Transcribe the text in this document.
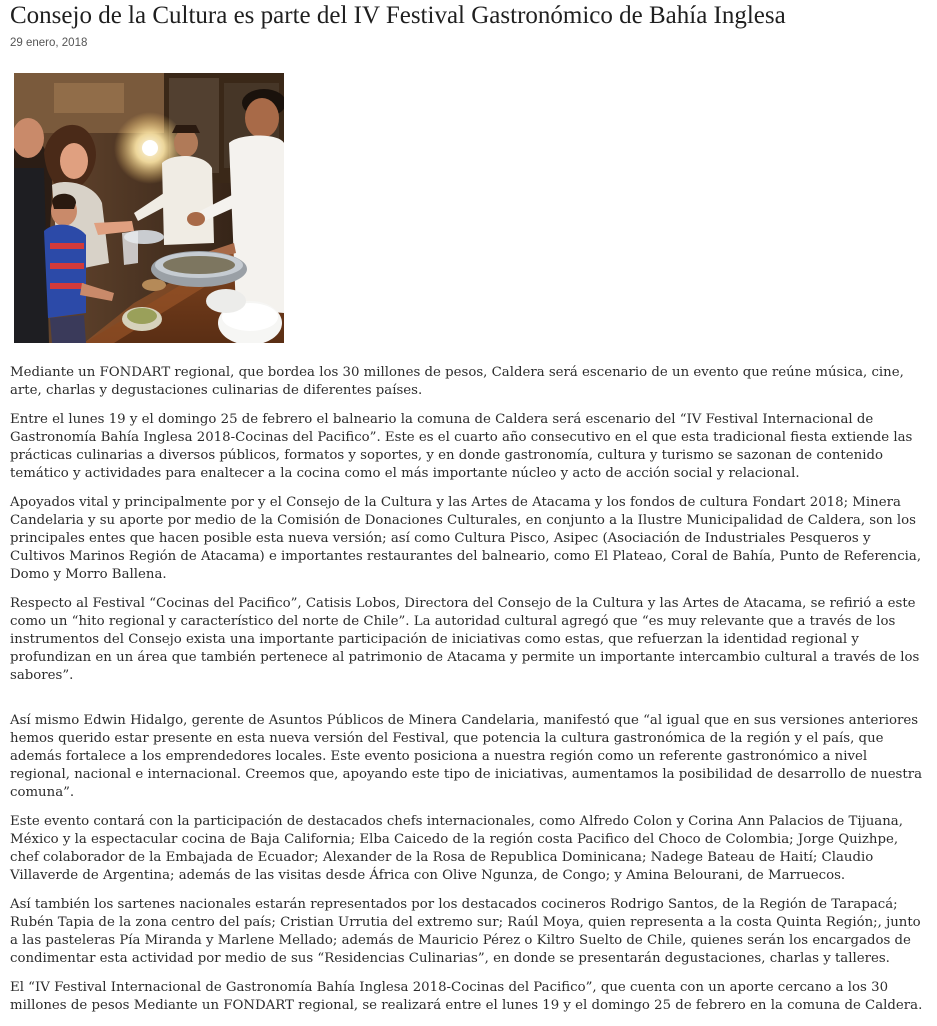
Consejo de la Cultura es parte del IV Festival Gastronómico de Bahía Inglesa
29 enero, 2018

Mediante un FONDART regional, que bordea los 30 millones de pesos, Caldera será escenario de un evento que reúne música, cine, arte, charlas y degustaciones culinarias de diferentes países.

Entre el lunes 19 y el domingo 25 de febrero el balneario la comuna de Caldera será escenario del “IV Festival Internacional de Gastronomía Bahía Inglesa 2018-Cocinas del Pacifico”. Este es el cuarto año consecutivo en el que esta tradicional fiesta extiende las prácticas culinarias a diversos públicos, formatos y soportes, y en donde gastronomía, cultura y turismo se sazonan de contenido temático y actividades para enaltecer a la cocina como el más importante núcleo y acto de acción social y relacional.

Apoyados vital y principalmente por y el Consejo de la Cultura y las Artes de Atacama y los fondos de cultura Fondart 2018; Minera Candelaria y su aporte por medio de la Comisión de Donaciones Culturales, en conjunto a la Ilustre Municipalidad de Caldera, son los principales entes que hacen posible esta nueva versión; así como Cultura Pisco, Asipec (Asociación de Industriales Pesqueros y Cultivos Marinos Región de Atacama) e importantes restaurantes del balneario, como El Plateao, Coral de Bahía, Punto de Referencia, Domo y Morro Ballena.

Respecto al Festival “Cocinas del Pacifico”, Catisis Lobos, Directora del Consejo de la Cultura y las Artes de Atacama, se refirió a este como un “hito regional y característico del norte de Chile”. La autoridad cultural agregó que “es muy relevante que a través de los instrumentos del Consejo exista una importante participación de iniciativas como estas, que refuerzan la identidad regional y profundizan en un área que también pertenece al patrimonio de Atacama y permite un importante intercambio cultural a través de los sabores”.

Así mismo Edwin Hidalgo, gerente de Asuntos Públicos de Minera Candelaria, manifestó que “al igual que en sus versiones anteriores hemos querido estar presente en esta nueva versión del Festival, que potencia la cultura gastronómica de la región y el país, que además fortalece a los emprendedores locales. Este evento posiciona a nuestra región como un referente gastronómico a nivel regional, nacional e internacional. Creemos que, apoyando este tipo de iniciativas, aumentamos la posibilidad de desarrollo de nuestra comuna”.

Este evento contará con la participación de destacados chefs internacionales, como Alfredo Colon y Corina Ann Palacios de Tijuana, México y la espectacular cocina de Baja California; Elba Caicedo de la región costa Pacifico del Choco de Colombia; Jorge Quizhpe, chef colaborador de la Embajada de Ecuador; Alexander de la Rosa de Republica Dominicana; Nadege Bateau de Haití; Claudio Villaverde de Argentina; además de las visitas desde África con Olive Ngunza, de Congo; y Amina Belourani, de Marruecos.

Así también los sartenes nacionales estarán representados por los destacados cocineros Rodrigo Santos, de la Región de Tarapacá; Rubén Tapia de la zona centro del país; Cristian Urrutia del extremo sur; Raúl Moya, quien representa a la costa Quinta Región;, junto a las pasteleras Pía Miranda y Marlene Mellado; además de Mauricio Pérez o Kiltro Suelto de Chile, quienes serán los encargados de condimentar esta actividad por medio de sus “Residencias Culinarias”, en donde se presentarán degustaciones, charlas y talleres.

El “IV Festival Internacional de Gastronomía Bahía Inglesa 2018-Cocinas del Pacifico”, que cuenta con un aporte cercano a los 30 millones de pesos Mediante un FONDART regional, se realizará entre el lunes 19 y el domingo 25 de febrero en la comuna de Caldera.
